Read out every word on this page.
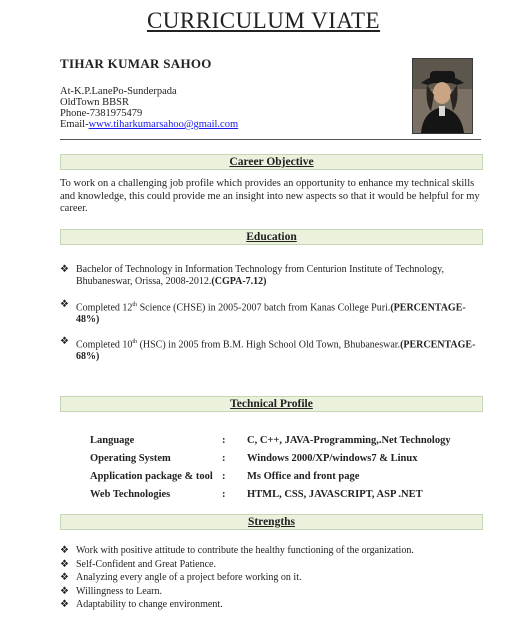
CURRICULUM VIATE
TIHAR KUMAR SAHOO
At-K.P.LanePo-Sunderpada
OldTown BBSR
Phone-7381975479
Email-www.tiharkumarsahoo@gmail.com
Career Objective
To work on a challenging job profile which provides an opportunity to enhance my technical skills and knowledge, this could provide me an insight into new aspects so that it would be helpful for my career.
Education
❖ Bachelor of Technology in Information Technology from Centurion Institute of Technology, Bhubaneswar, Orissa, 2008-2012.(CGPA-7.12)
❖ Completed 12th Science (CHSE) in 2005-2007 batch from Kanas College Puri.(PERCENTAGE-48%)
❖ Completed 10th (HSC) in 2005 from B.M. High School Old Town, Bhubaneswar.(PERCENTAGE-68%)
Technical Profile
Language	:	C, C++, JAVA-Programming,.Net Technology
Operating System	:	Windows 2000/XP/windows7 & Linux
Application package & tool	:	Ms Office and front page
Web Technologies	:	HTML, CSS, JAVASCRIPT, ASP .NET
Strengths
❖ Work with positive attitude to contribute the healthy functioning of the organization.
❖ Self-Confident and Great Patience.
❖ Analyzing every angle of a project before working on it.
❖ Willingness to Learn.
❖ Adaptability to change environment.
